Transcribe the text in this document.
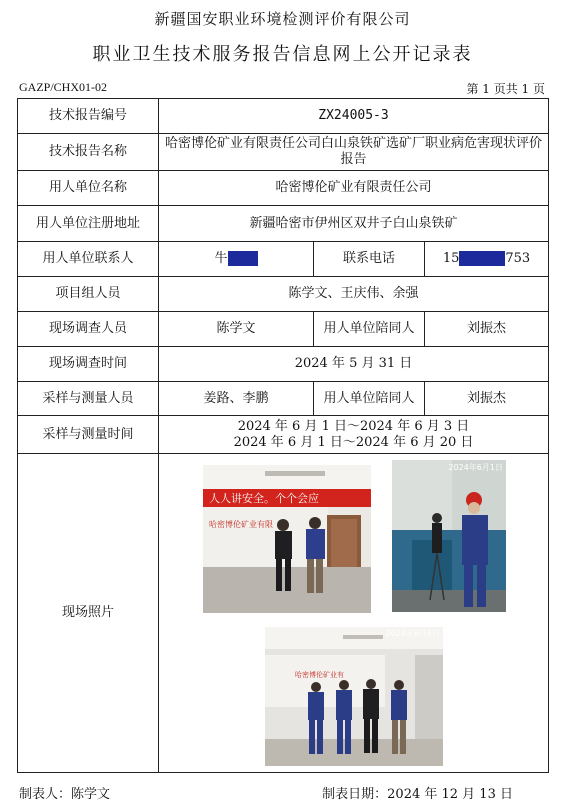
新疆国安职业环境检测评价有限公司
职业卫生技术服务报告信息网上公开记录表
GAZP/CHX01-02	第 1 页共 1 页
技术报告编号	ZX24005-3		
技术报告名称	哈密博伦矿业有限责任公司白山泉铁矿选矿厂职业病危害现状评价报告		
用人单位名称	哈密博伦矿业有限责任公司		
用人单位注册地址	新疆哈密市伊州区双井子白山泉铁矿		
用人单位联系人	牛	联系电话	15 753
项目组人员	陈学文、王庆伟、余强		
现场调查人员	陈学文	用人单位陪同人	刘振杰
现场调查时间	2024 年 5 月 31 日		
采样与测量人员	姜路、李鹏	用人单位陪同人	刘振杰
采样与测量时间	2024 年 6 月 1 日～2024 年 6 月 3 日
2024 年 6 月 1 日～2024 年 6 月 20 日		

现场照片	人人讲安全。个个会应
哈密博伦矿业有限
2024年6月1日
哈密博伦矿业有
2024年6月6日		
制表人：陈学文	制表日期：2024 年 12 月 13 日
